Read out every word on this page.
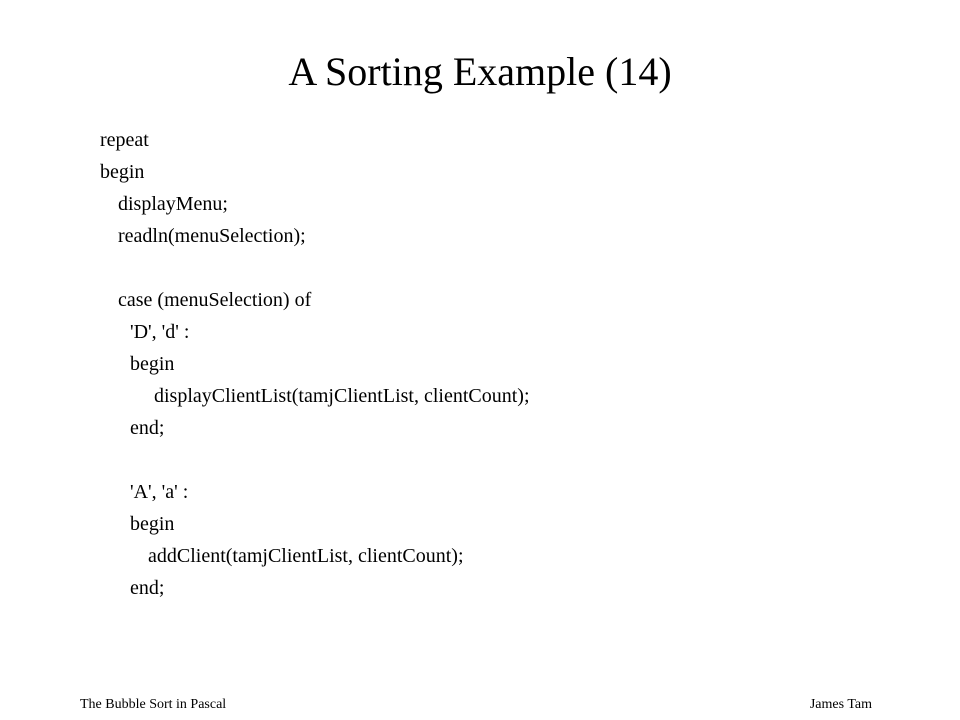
A Sorting Example (14)
repeat
begin
displayMenu;
readln(menuSelection);
case (menuSelection) of
'D', 'd' :
begin
displayClientList(tamjClientList, clientCount);
end;
'A', 'a' :
begin
addClient(tamjClientList, clientCount);
end;
The Bubble Sort in Pascal	James Tam
